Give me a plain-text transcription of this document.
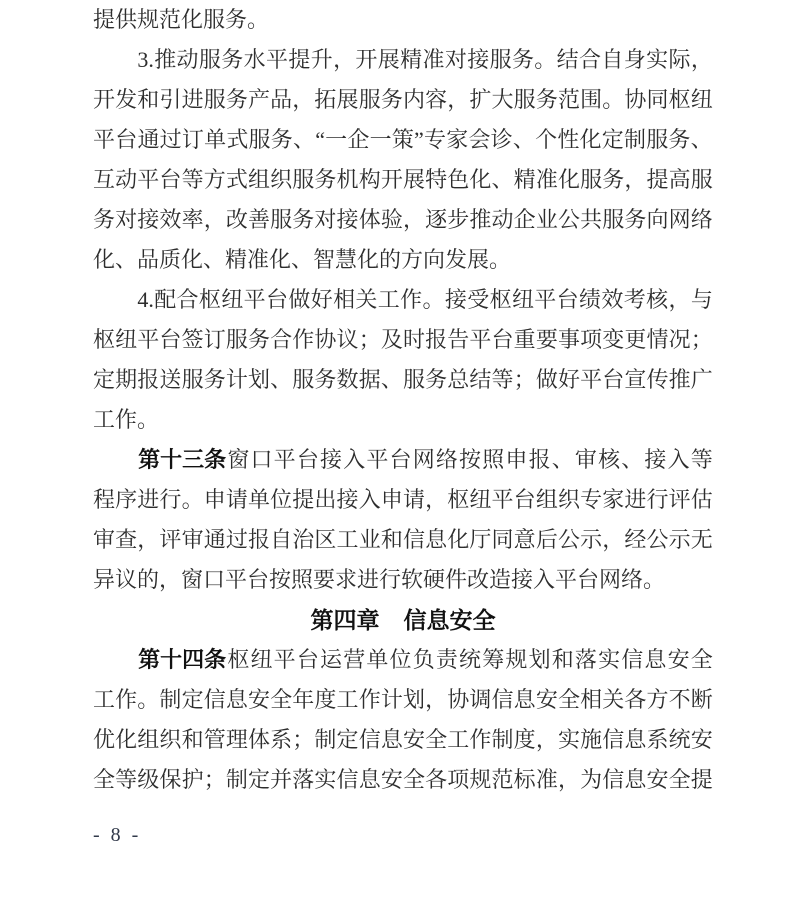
提供规范化服务。
3. 推 动 服 务 水 平 提 升 ， 开 展 精 准 对 接 服 务 。 结 合 自 身 实 际 ，
开 发 和 引 进 服 务 产 品 ， 拓 展 服 务 内 容 ， 扩 大 服 务 范 围 。 协 同 枢 纽
平 台 通 过 订 单 式 服 务 、 “ 一 企 一 策 ” 专 家 会 诊 、 个 性 化 定 制 服 务 、
互 动 平 台 等 方 式 组 织 服 务 机 构 开 展 特 色 化 、 精 准 化 服 务 ， 提 高 服
务 对 接 效 率 ， 改 善 服 务 对 接 体 验 ， 逐 步 推 动 企 业 公 共 服 务 向 网 络
化、品质化、精准化、智慧化的方向发展。
4. 配 合 枢 纽 平 台 做 好 相 关 工 作 。 接 受 枢 纽 平 台 绩 效 考 核 ， 与
枢 纽 平 台 签 订 服 务 合 作 协 议 ； 及 时 报 告 平 台 重 要 事 项 变 更 情 况 ；
定 期 报 送 服 务 计 划 、 服 务 数 据 、 服 务 总 结 等 ； 做 好 平 台 宣 传 推 广
工作。
第十三条 窗 口 平 台 接 入 平 台 网 络 按 照 申 报 、 审 核 、 接 入 等
程 序 进 行 。 申 请 单 位 提 出 接 入 申 请 ， 枢 纽 平 台 组 织 专 家 进 行 评 估
审 查 ， 评 审 通 过 报 自 治 区 工 业 和 信 息 化 厅 同 意 后 公 示 ， 经 公 示 无
异议的，窗口平台按照要求进行软硬件改造接入平台网络。
第四章 信息安全
第十四条 枢 纽 平 台 运 营 单 位 负 责 统 筹 规 划 和 落 实 信 息 安 全
工 作 。 制 定 信 息 安 全 年 度 工 作 计 划 ， 协 调 信 息 安 全 相 关 各 方 不 断
优 化 组 织 和 管 理 体 系 ； 制 定 信 息 安 全 工 作 制 度 ， 实 施 信 息 系 统 安
全 等 级 保 护 ； 制 定 并 落 实 信 息 安 全 各 项 规 范 标 准 ， 为 信 息 安 全 提
- 8 -
